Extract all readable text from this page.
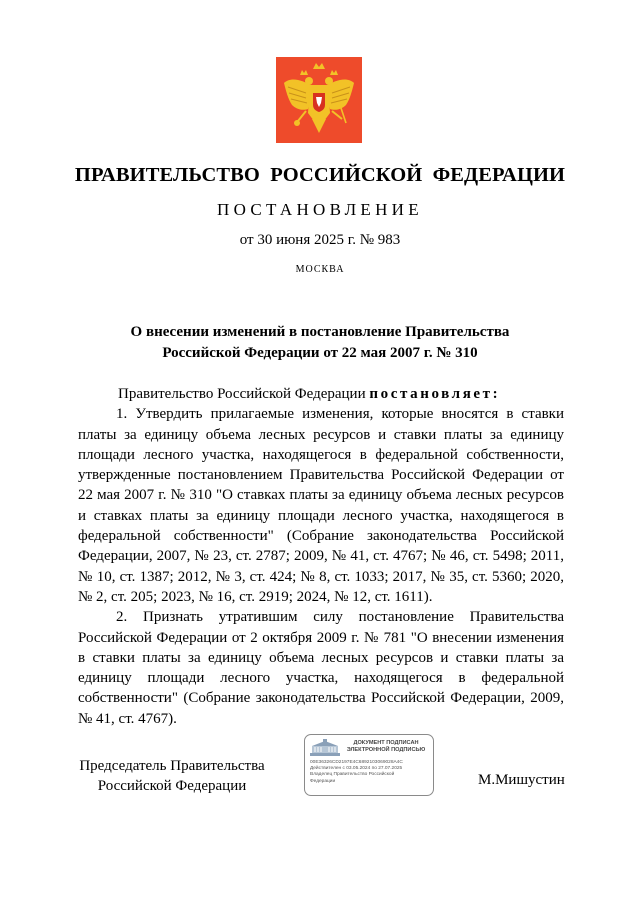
ПРАВИТЕЛЬСТВО РОССИЙСКОЙ ФЕДЕРАЦИИ
ПОСТАНОВЛЕНИЕ
от 30 июня 2025 г. № 983
МОСКВА
О внесении изменений в постановление Правительства
Российской Федерации от 22 мая 2007 г. № 310

Правительство Российской Федерации постановляет:

1. Утвердить прилагаемые изменения, которые вносятся в ставки платы за единицу объема лесных ресурсов и ставки платы за единицу площади лесного участка, находящегося в федеральной собственности, утвержденные постановлением Правительства Российской Федерации от 22 мая 2007 г. № 310 "О ставках платы за единицу объема лесных ресурсов и ставках платы за единицу площади лесного участка, находящегося в федеральной собственности" (Собрание законодательства Российской Федерации, 2007, № 23, ст. 2787; 2009, № 41, ст. 4767; № 46, ст. 5498; 2011, № 10, ст. 1387; 2012, № 3, ст. 424; № 8, ст. 1033; 2017, № 35, ст. 5360; 2020, № 2, ст. 205; 2023, № 16, ст. 2919; 2024, № 12, ст. 1611).

2. Признать утратившим силу постановление Правительства Российской Федерации от 2 октября 2009 г. № 781 "О внесении изменения в ставки платы за единицу объема лесных ресурсов и ставки платы за единицу площади лесного участка, находящегося в федеральной собственности" (Собрание законодательства Российской Федерации, 2009, № 41, ст. 4767).

Председатель Правительства
Российской Федерации
ДОКУМЕНТ ПОДПИСАН
ЭЛЕКТРОННОЙ ПОДПИСЬЮ
00E36326CD2197E4C6892103069028A4C
Действителен с 03.05.2024 по 27.07.2025
Владелец Правительство Российской
Федерации	М.Мишустин
